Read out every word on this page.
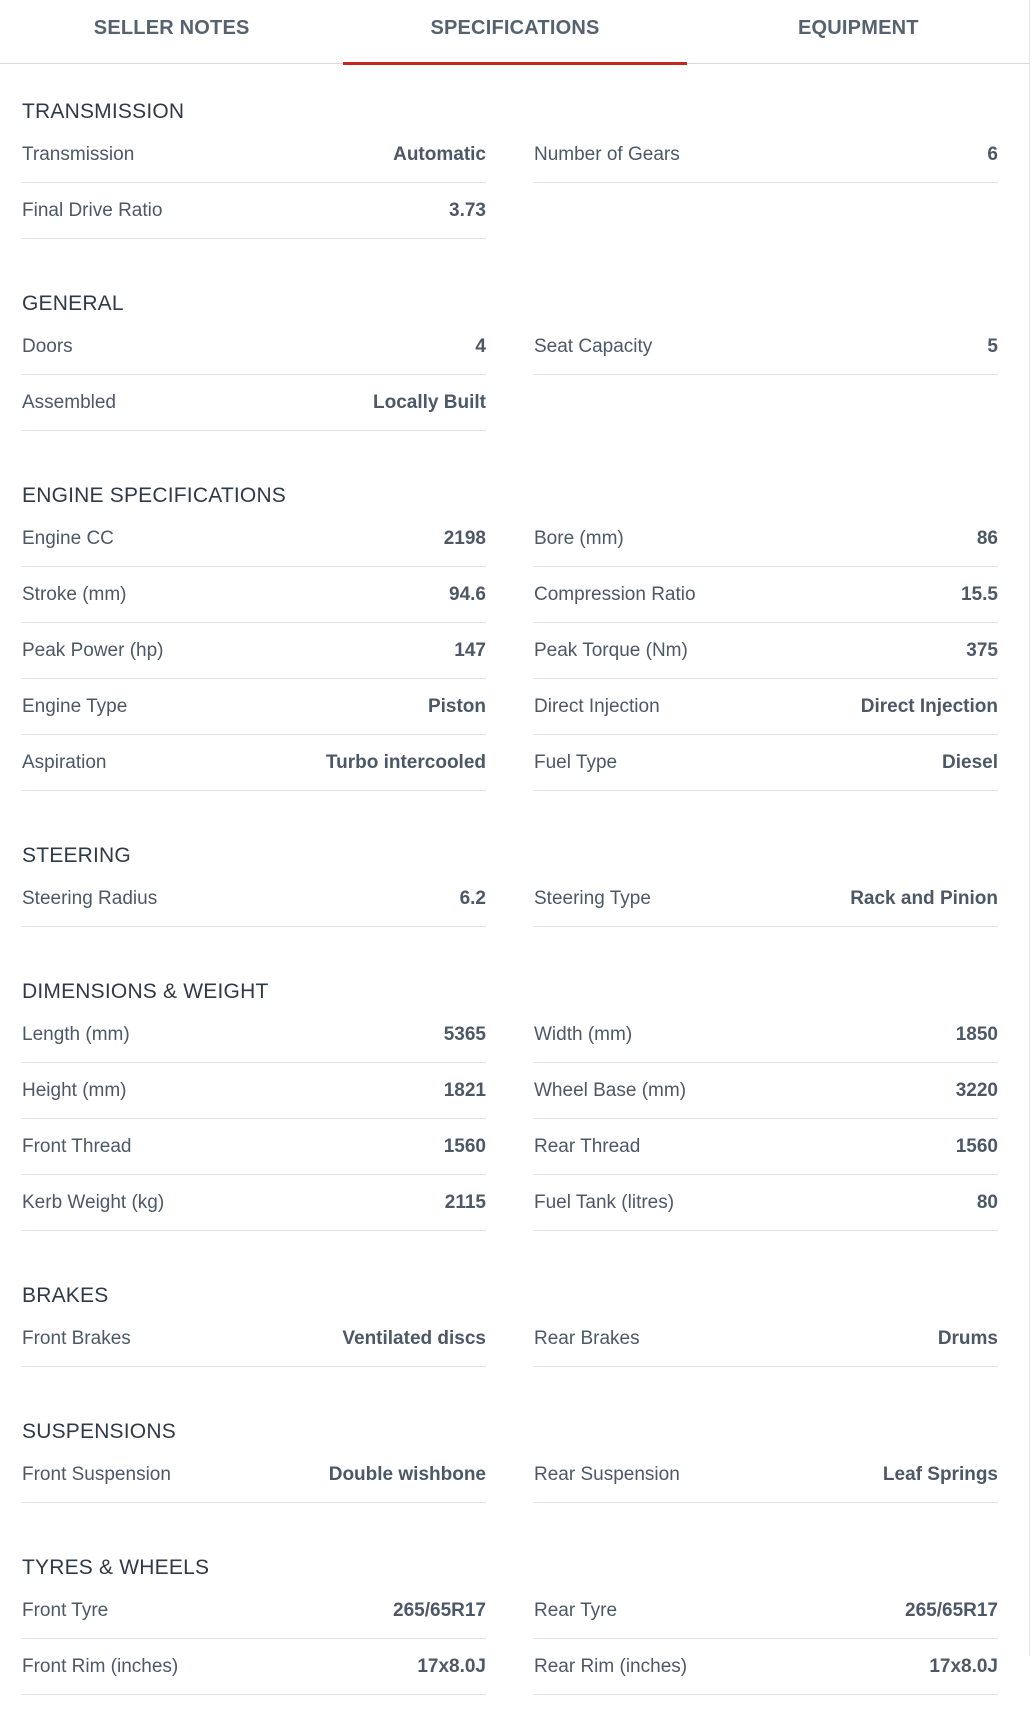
SELLER NOTES	SPECIFICATIONS	EQUIPMENT
TRANSMISSION
Transmission	Automatic	Number of Gears	6
Final Drive Ratio	3.73
GENERAL
Doors	4	Seat Capacity	5
Assembled	Locally Built
ENGINE SPECIFICATIONS
Engine CC	2198	Bore (mm)	86
Stroke (mm)	94.6	Compression Ratio	15.5
Peak Power (hp)	147	Peak Torque (Nm)	375
Engine Type	Piston	Direct Injection	Direct Injection
Aspiration	Turbo intercooled	Fuel Type	Diesel
STEERING
Steering Radius	6.2	Steering Type	Rack and Pinion
DIMENSIONS & WEIGHT
Length (mm)	5365	Width (mm)	1850
Height (mm)	1821	Wheel Base (mm)	3220
Front Thread	1560	Rear Thread	1560
Kerb Weight (kg)	2115	Fuel Tank (litres)	80
BRAKES
Front Brakes	Ventilated discs	Rear Brakes	Drums
SUSPENSIONS
Front Suspension	Double wishbone	Rear Suspension	Leaf Springs
TYRES & WHEELS
Front Tyre	265/65R17	Rear Tyre	265/65R17
Front Rim (inches)	17x8.0J	Rear Rim (inches)	17x8.0J
